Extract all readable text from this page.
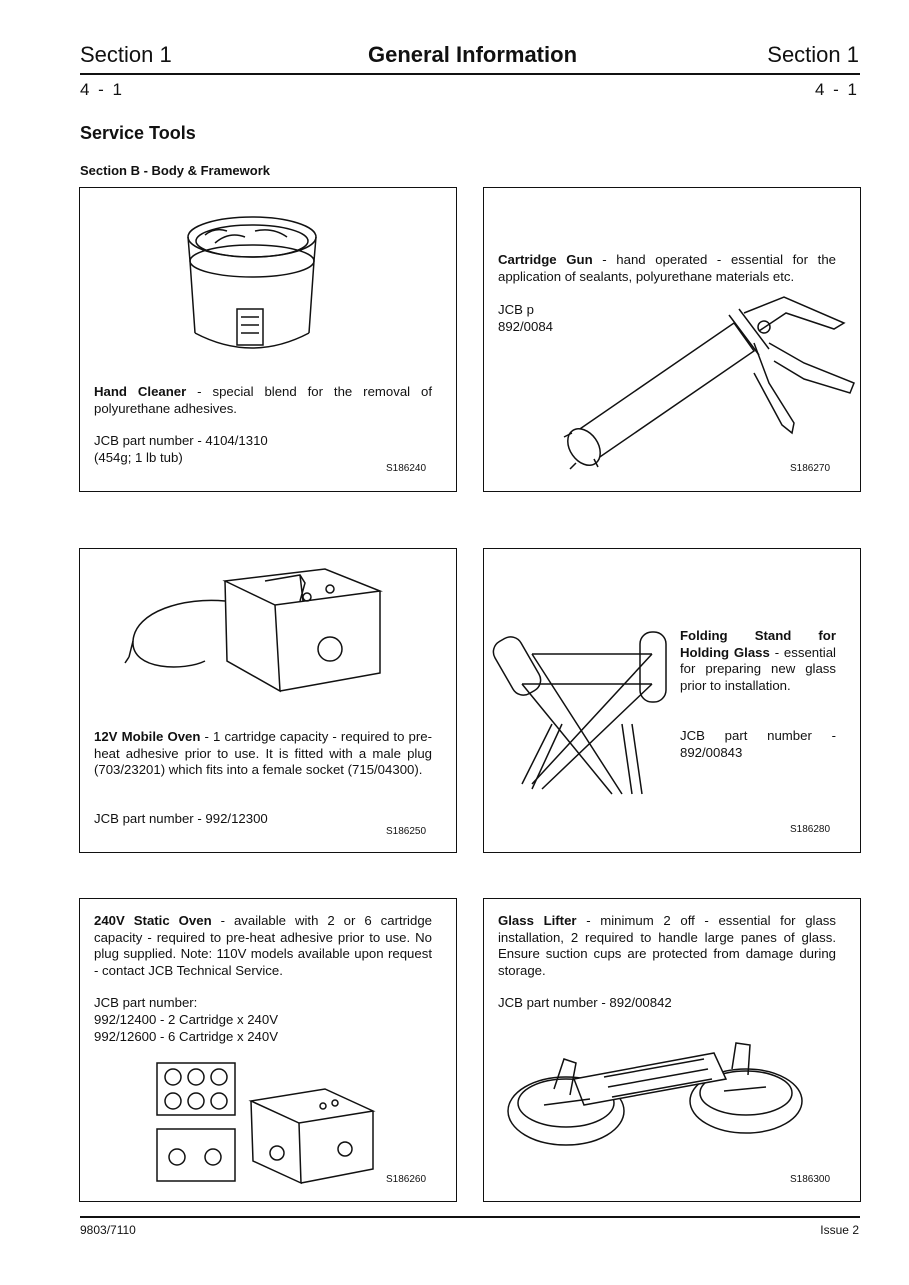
Section 1	General Information	Section 1
4 - 1	4 - 1
Service Tools
Section B - Body & Framework
Hand Cleaner - special blend for the removal of polyurethane adhesives.
JCB part number - 4104/1310
(454g; 1 lb tub)
S186240
Cartridge Gun - hand operated - essential for the application of sealants, polyurethane materials etc.
JCB p
892/0084
S186270
12V Mobile Oven - 1 cartridge capacity - required to pre-heat adhesive prior to use. It is fitted with a male plug (703/23201) which fits into a female socket (715/04300).
JCB part number - 992/12300
S186250
Folding Stand for Holding Glass - essential for preparing new glass prior to installation.
JCB part number - 892/00843
S186280
240V Static Oven - available with 2 or 6 cartridge capacity - required to pre-heat adhesive prior to use. No plug supplied. Note: 110V models available upon request - contact JCB Technical Service.
JCB part number:
992/12400 - 2 Cartridge x 240V
992/12600 - 6 Cartridge x 240V
S186260
Glass Lifter - minimum 2 off - essential for glass installation, 2 required to handle large panes of glass. Ensure suction cups are protected from damage during storage.
JCB part number - 892/00842
S186300
9803/7110	Issue 2
